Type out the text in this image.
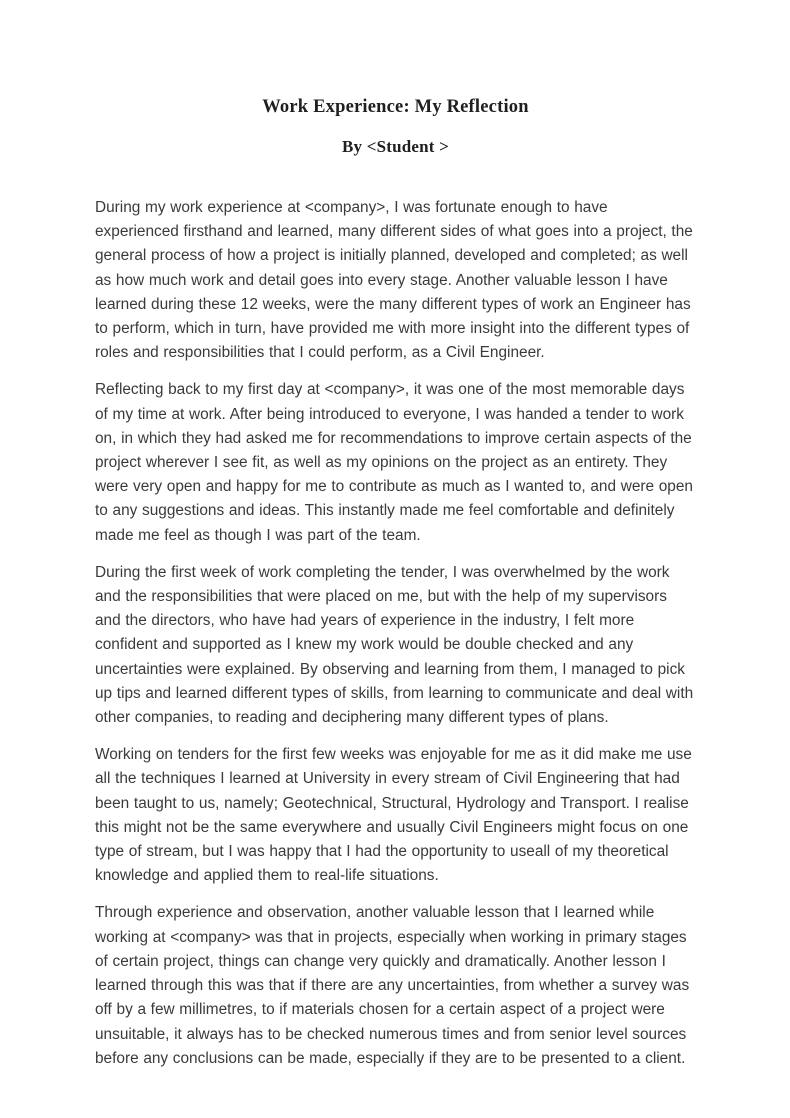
Work Experience: My Reflection
By <Student >

During my work experience at <company>, I was fortunate enough to have experienced firsthand and learned, many different sides of what goes into a project, the general process of how a project is initially planned, developed and completed; as well as how much work and detail goes into every stage. Another valuable lesson I have learned during these 12 weeks, were the many different types of work an Engineer has to perform, which in turn, have provided me with more insight into the different types of roles and responsibilities that I could perform, as a Civil Engineer.

Reflecting back to my first day at <company>, it was one of the most memorable days of my time at work. After being introduced to everyone, I was handed a tender to work on, in which they had asked me for recommendations to improve certain aspects of the project wherever I see fit, as well as my opinions on the project as an entirety. They were very open and happy for me to contribute as much as I wanted to, and were open to any suggestions and ideas. This instantly made me feel comfortable and definitely made me feel as though I was part of the team.

During the first week of work completing the tender, I was overwhelmed by the work and the responsibilities that were placed on me, but with the help of my supervisors and the directors, who have had years of experience in the industry, I felt more confident and supported as I knew my work would be double checked and any uncertainties were explained. By observing and learning from them, I managed to pick up tips and learned different types of skills, from learning to communicate and deal with other companies, to reading and deciphering many different types of plans.

Working on tenders for the first few weeks was enjoyable for me as it did make me use all the techniques I learned at University in every stream of Civil Engineering that had been taught to us, namely; Geotechnical, Structural, Hydrology and Transport. I realise this might not be the same everywhere and usually Civil Engineers might focus on one type of stream, but I was happy that I had the opportunity to useall of my theoretical knowledge and applied them to real-life situations.

Through experience and observation, another valuable lesson that I learned while working at <company> was that in projects, especially when working in primary stages of certain project, things can change very quickly and dramatically. Another lesson I learned through this was that if there are any uncertainties, from whether a survey was off by a few millimetres, to if materials chosen for a certain aspect of a project were unsuitable, it always has to be checked numerous times and from senior level sources before any conclusions can be made, especially if they are to be presented to a client.
